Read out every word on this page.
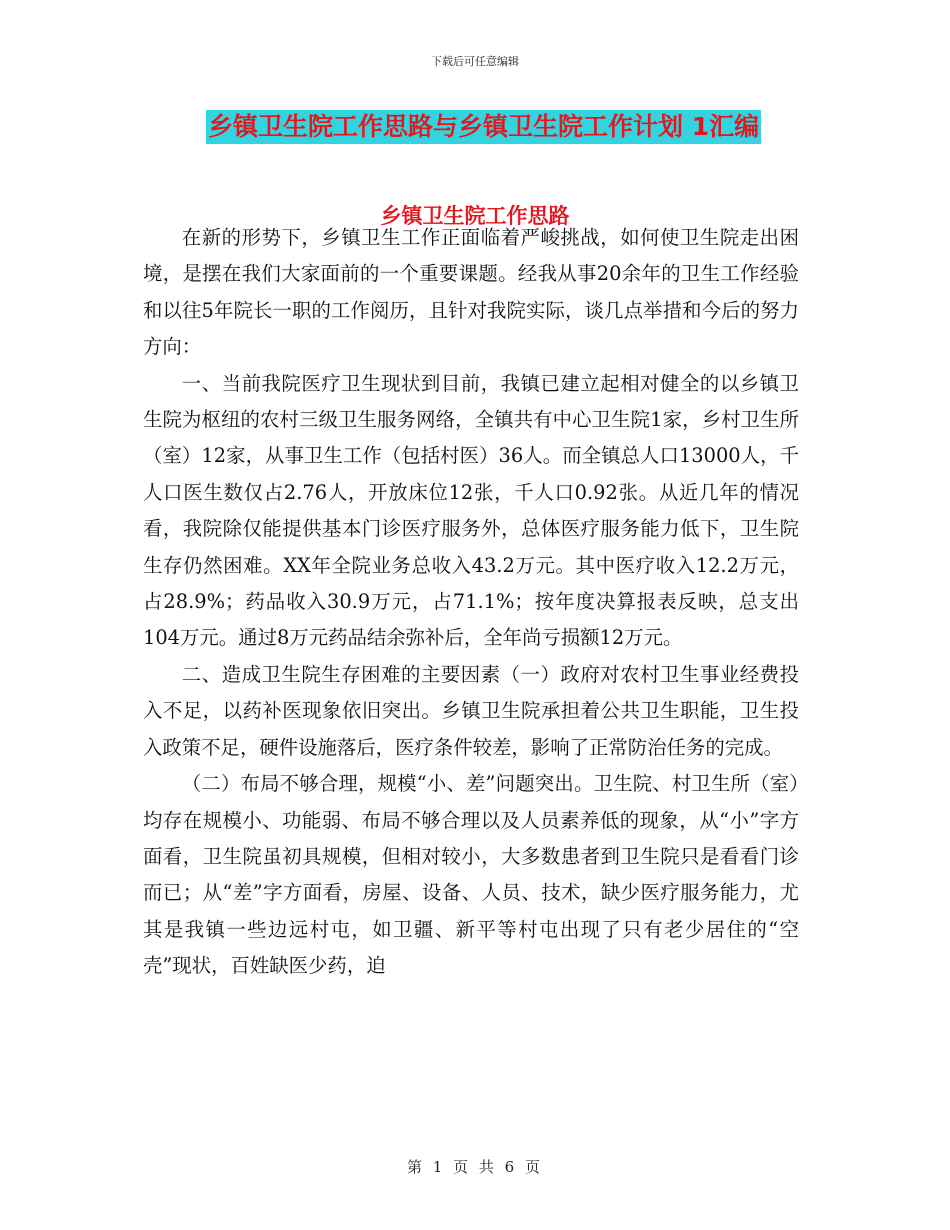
下载后可任意编辑
乡镇卫生院工作思路与乡镇卫生院工作计划 1汇编
乡镇卫生院工作思路

在新的形势下，乡镇卫生工作正面临着严峻挑战，如何使卫生院走出困境，是摆在我们大家面前的一个重要课题。经我从事20余年的卫生工作经验和以往5年院长一职的工作阅历，且针对我院实际，谈几点举措和今后的努力方向：

一、当前我院医疗卫生现状到目前，我镇已建立起相对健全的以乡镇卫生院为枢纽的农村三级卫生服务网络，全镇共有中心卫生院1家，乡村卫生所（室）12家，从事卫生工作（包括村医）36人。而全镇总人口13000人，千人口医生数仅占2.76人，开放床位12张，千人口0.92张。从近几年的情况看，我院除仅能提供基本门诊医疗服务外，总体医疗服务能力低下，卫生院生存仍然困难。XX年全院业务总收入43.2万元。其中医疗收入12.2万元，占28.9%；药品收入30.9万元，占71.1%；按年度决算报表反映，总支出104万元。通过8万元药品结余弥补后，全年尚亏损额12万元。

二、造成卫生院生存困难的主要因素（一）政府对农村卫生事业经费投入不足，以药补医现象依旧突出。乡镇卫生院承担着公共卫生职能，卫生投入政策不足，硬件设施落后，医疗条件较差，影响了正常防治任务的完成。

（二）布局不够合理，规模“小、差”问题突出。卫生院、村卫生所（室）均存在规模小、功能弱、布局不够合理以及人员素养低的现象，从“小”字方面看，卫生院虽初具规模，但相对较小，大多数患者到卫生院只是看看门诊而已；从“差”字方面看，房屋、设备、人员、技术，缺少医疗服务能力，尤其是我镇一些边远村屯，如卫疆、新平等村屯出现了只有老少居住的“空壳”现状，百姓缺医少药，迫

第 1 页 共 6 页
